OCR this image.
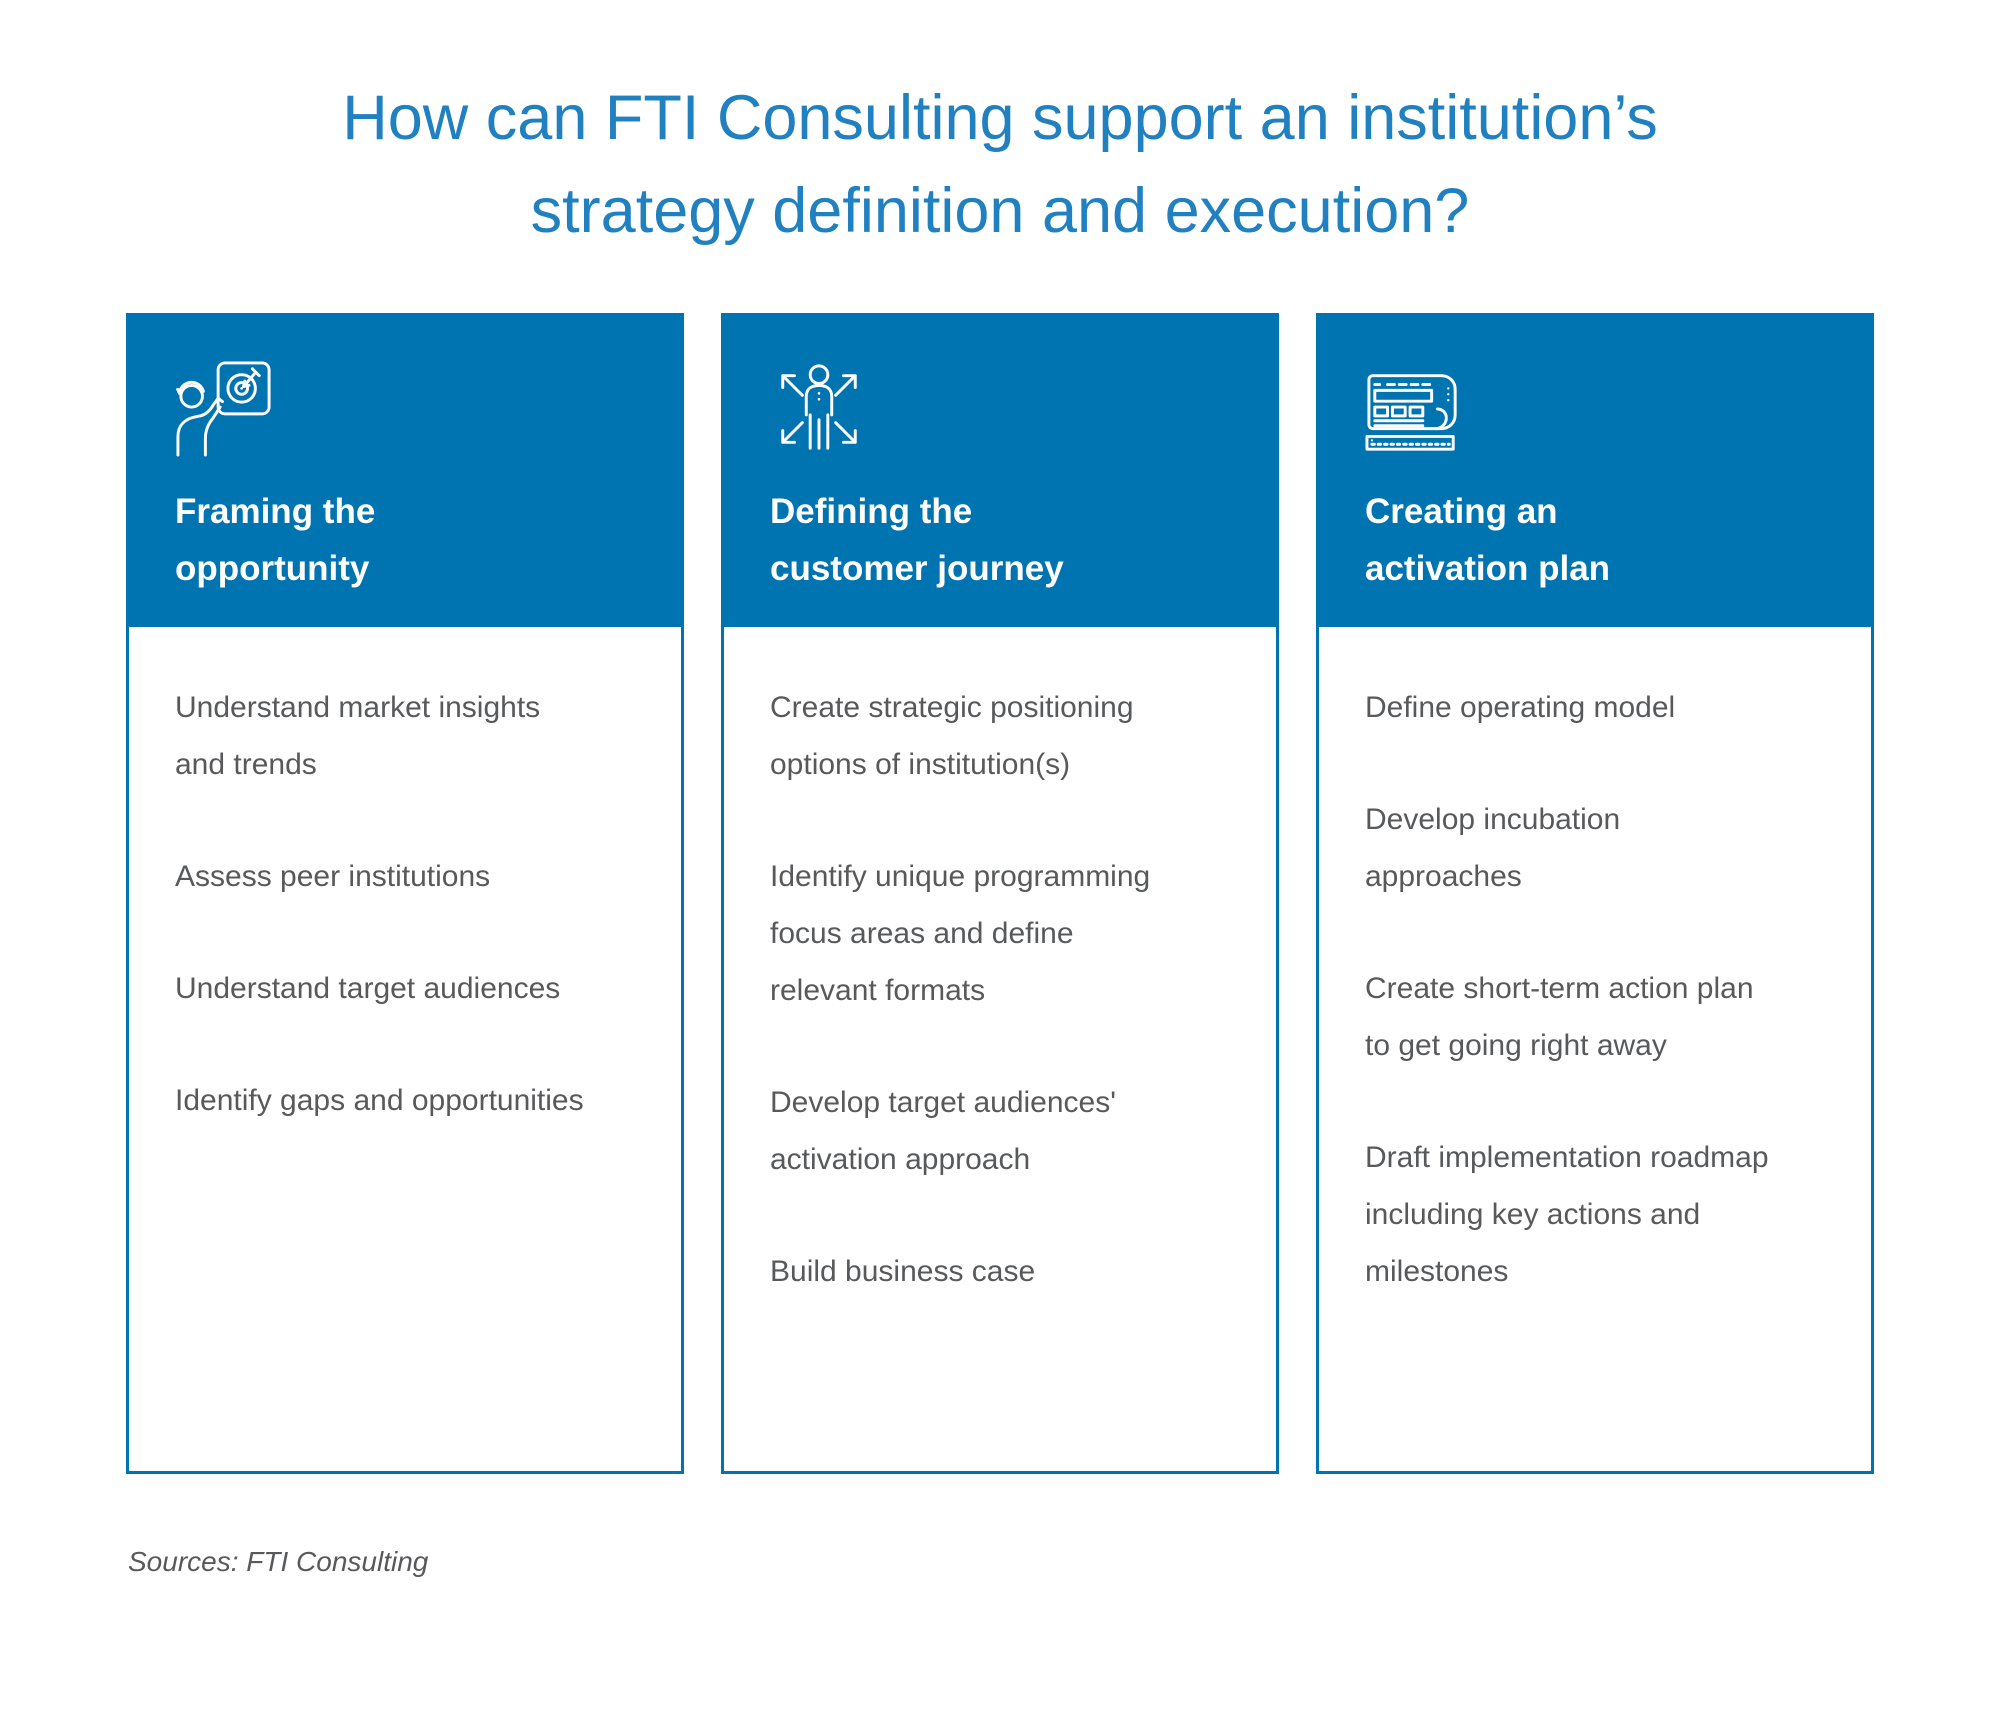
How can FTI Consulting support an institution’s
strategy definition and execution?
Framing the
opportunity

Understand market insights and trends

Assess peer institutions

Understand target audiences

Identify gaps and opportunities

Defining the
customer journey

Create strategic positioning options of institution(s)

Identify unique programming focus areas and define relevant formats

Develop target audiences' activation approach

Build business case

Creating an
activation plan

Define operating model

Develop incubation approaches

Create short-term action plan to get going right away

Draft implementation roadmap including key actions and milestones

Sources: FTI Consulting
